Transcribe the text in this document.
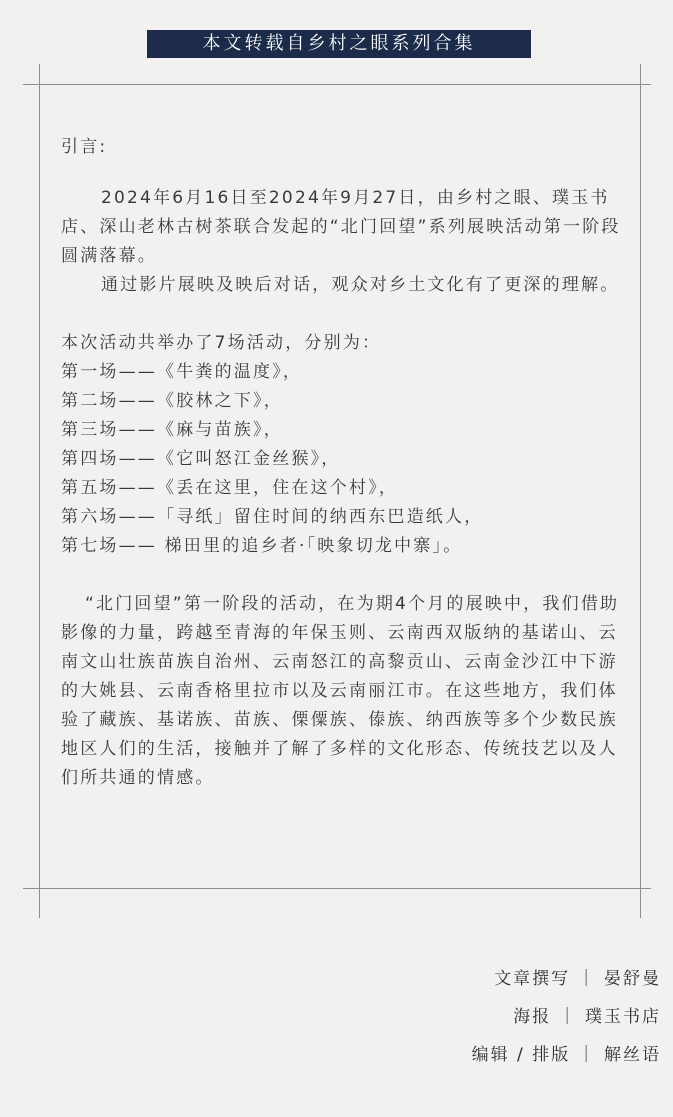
本文转载自乡村之眼系列合集

引言:

2024年6月16日至2024年9月27日，由乡村之眼、璞玉书店、深山老林古树茶联合发起的“北门回望”系列展映活动第一阶段圆满落幕。

通过影片展映及映后对话，观众对乡土文化有了更深的理解。

本次活动共举办了7场活动，分别为：

第一场——《牛粪的温度》，

第二场——《胶林之下》，

第三场——《麻与苗族》，

第四场——《它叫怒江金丝猴》，

第五场——《丢在这里，住在这个村》，

第六场——「寻纸」留住时间的纳西东巴造纸人，

第七场—— 梯田里的追乡者·「映象切龙中寨」。

“北门回望”第一阶段的活动，在为期4个月的展映中，我们借助影像的力量，跨越至青海的年保玉则、云南西双版纳的基诺山、云南文山壮族苗族自治州、云南怒江的高黎贡山、云南金沙江中下游的大姚县、云南香格里拉市以及云南丽江市。在这些地方，我们体验了藏族、基诺族、苗族、傈僳族、傣族、纳西族等多个少数民族地区人们的生活，接触并了解了多样的文化形态、传统技艺以及人们所共通的情感。

文章撰写 ｜ 晏舒曼
海报 ｜ 璞玉书店
编辑 / 排版 ｜ 解丝语
